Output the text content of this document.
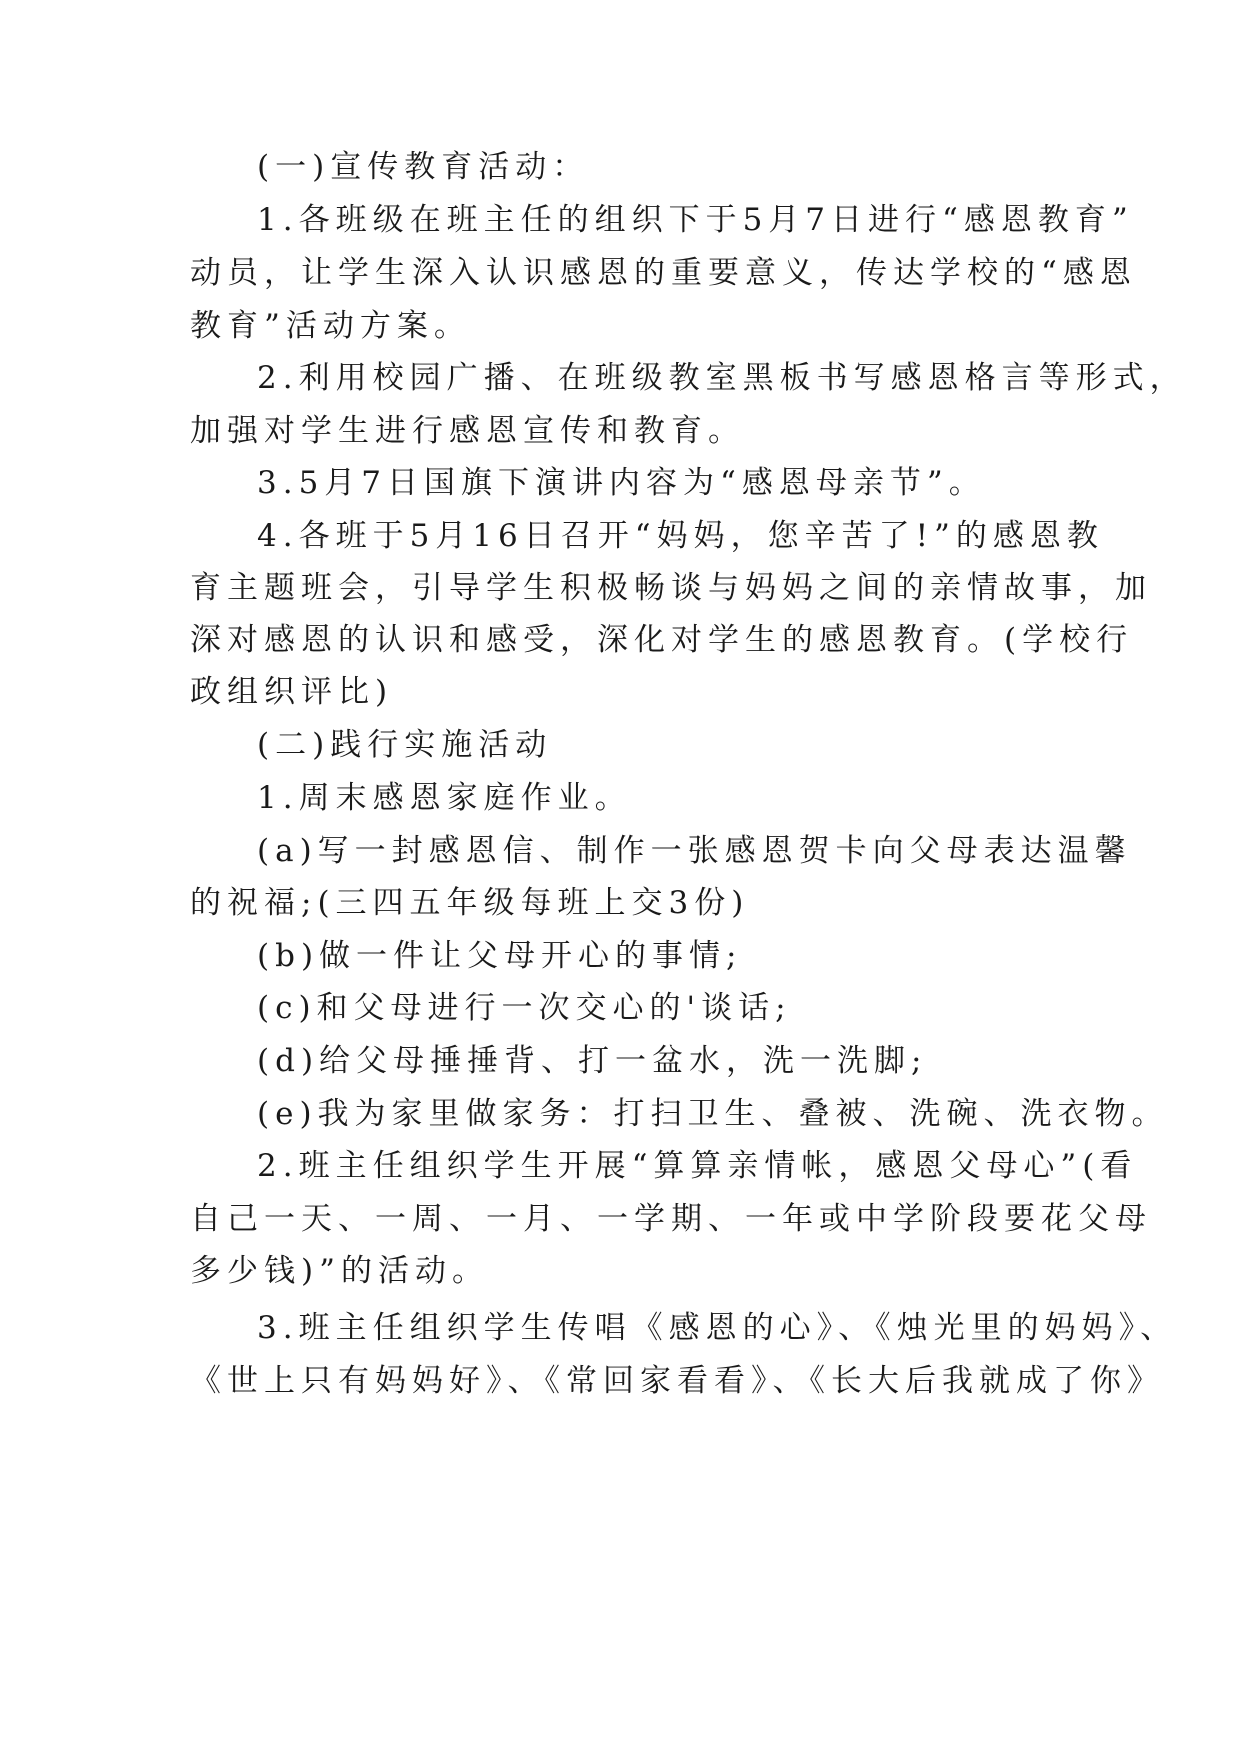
(一)宣传教育活动：
1.各班级在班主任的组织下于5月7日进行“感恩教育”
动员，让学生深入认识感恩的重要意义，传达学校的“感恩
教育”活动方案。
2.利用校园广播、在班级教室黑板书写感恩格言等形式，
加强对学生进行感恩宣传和教育。
3.5月7日国旗下演讲内容为“感恩母亲节”。
4.各班于5月16日召开“妈妈，您辛苦了!”的感恩教
育主题班会，引导学生积极畅谈与妈妈之间的亲情故事，加
深对感恩的认识和感受，深化对学生的感恩教育。(学校行
政组织评比)
(二)践行实施活动
1.周末感恩家庭作业。
(a)写一封感恩信、制作一张感恩贺卡向父母表达温馨
的祝福;(三四五年级每班上交3份)
(b)做一件让父母开心的事情;
(c)和父母进行一次交心的'谈话;
(d)给父母捶捶背、打一盆水，洗一洗脚;
(e)我为家里做家务：打扫卫生、叠被、洗碗、洗衣物。
2.班主任组织学生开展“算算亲情帐，感恩父母心”(看
自己一天、一周、一月、一学期、一年或中学阶段要花父母
多少钱)”的活动。
3.班主任组织学生传唱《感恩的心》、《烛光里的妈妈》、
《世上只有妈妈好》、《常回家看看》、《长大后我就成了你》
